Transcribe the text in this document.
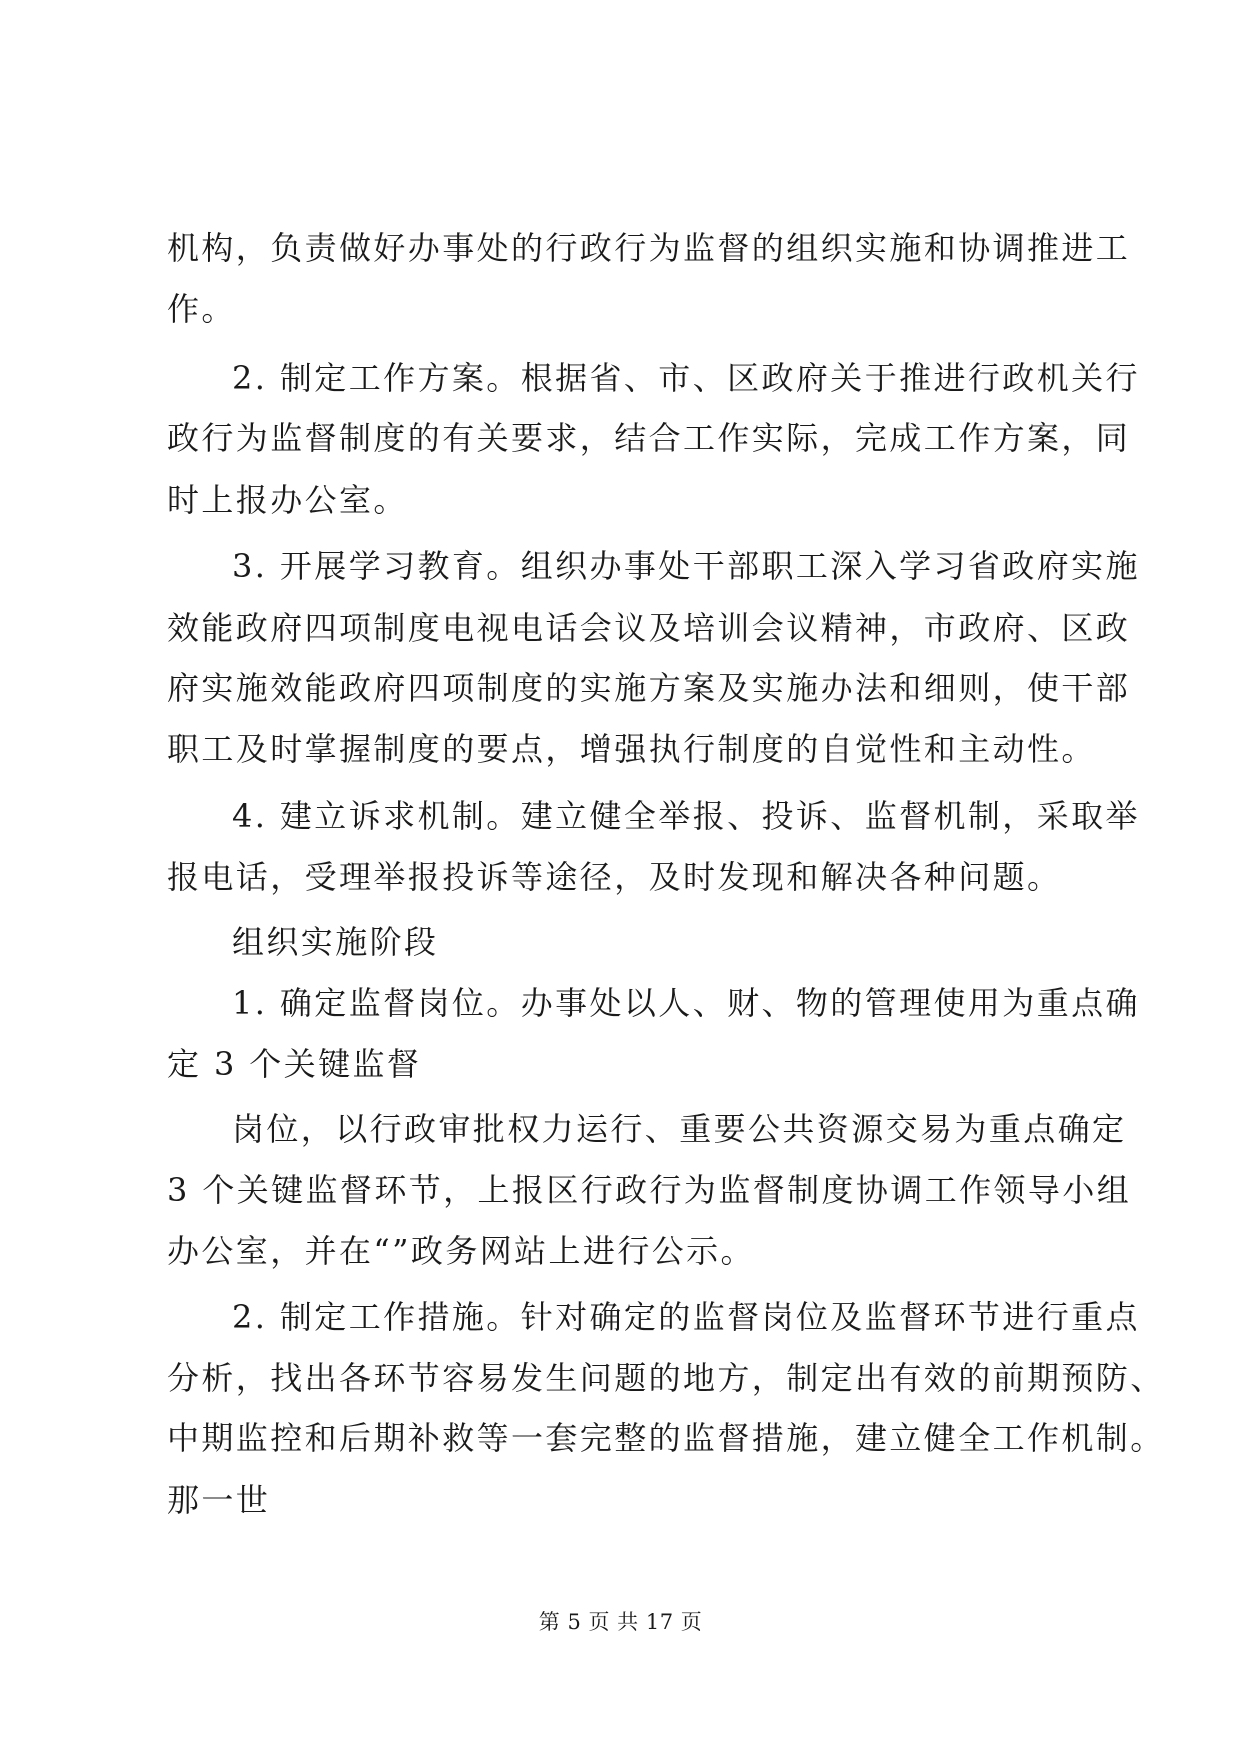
机构，负责做好办事处的行政行为监督的组织实施和协调推进工
作。
2. 制定工作方案。根据省、市、区政府关于推进行政机关行
政行为监督制度的有关要求，结合工作实际，完成工作方案，同
时上报办公室。
3. 开展学习教育。组织办事处干部职工深入学习省政府实施
效能政府四项制度电视电话会议及培训会议精神，市政府、区政
府实施效能政府四项制度的实施方案及实施办法和细则，使干部
职工及时掌握制度的要点，增强执行制度的自觉性和主动性。
4. 建立诉求机制。建立健全举报、投诉、监督机制，采取举
报电话，受理举报投诉等途径，及时发现和解决各种问题。
组织实施阶段
1. 确定监督岗位。办事处以人、财、物的管理使用为重点确
定 3 个关键监督
岗位，以行政审批权力运行、重要公共资源交易为重点确定
3 个关键监督环节，上报区行政行为监督制度协调工作领导小组
办公室，并在“”政务网站上进行公示。
2. 制定工作措施。针对确定的监督岗位及监督环节进行重点
分析，找出各环节容易发生问题的地方，制定出有效的前期预防、
中期监控和后期补救等一套完整的监督措施，建立健全工作机制。
那一世
第 5 页 共 17 页
